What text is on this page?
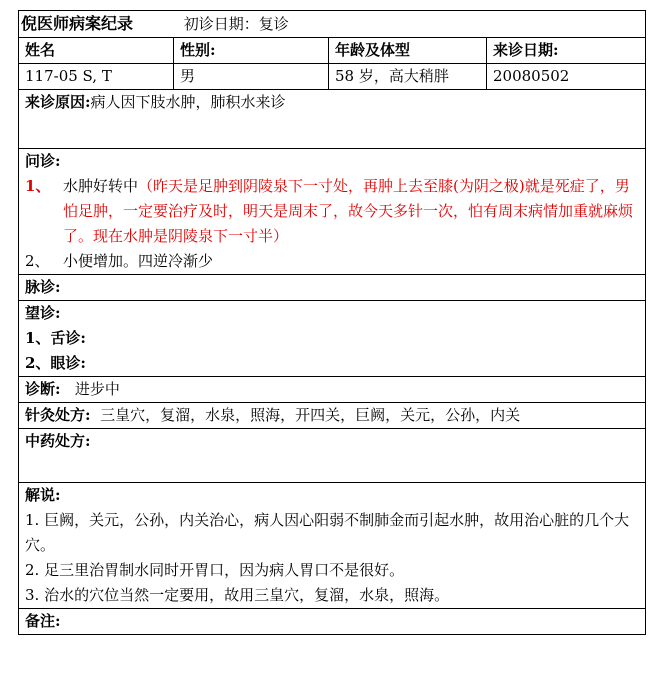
倪医师病案纪录 初诊日期：复诊			
姓名	性别:	年龄及体型	来诊日期:
117-05 S, T	男	58 岁，高大稍胖	20080502

来诊原因:病人因下肢水肿，肺积水来诊			

问诊:
1、 水肿好转中（昨天是足肿到阴陵泉下一寸处，再肿上去至膝(为阴之极)就是死症了，男怕足肿，一定要治疗及时，明天是周末了，故今天多针一次，怕有周末病情加重就麻烦了。现在水肿是阴陵泉下一寸半）
2、 小便增加。四逆冷渐少			

脉诊:			

望诊:
1、舌诊:
2、眼诊:			

诊断: 进步中			
针灸处方: 三皇穴，复溜，水泉，照海，开四关，巨阙，关元，公孙，内关			

中药处方:			

解说:
1. 巨阙，关元，公孙，内关治心，病人因心阳弱不制肺金而引起水肿，故用治心脏的几个大穴。
2. 足三里治胃制水同时开胃口，因为病人胃口不是很好。
3. 治水的穴位当然一定要用，故用三皇穴，复溜，水泉，照海。			

备注:			
